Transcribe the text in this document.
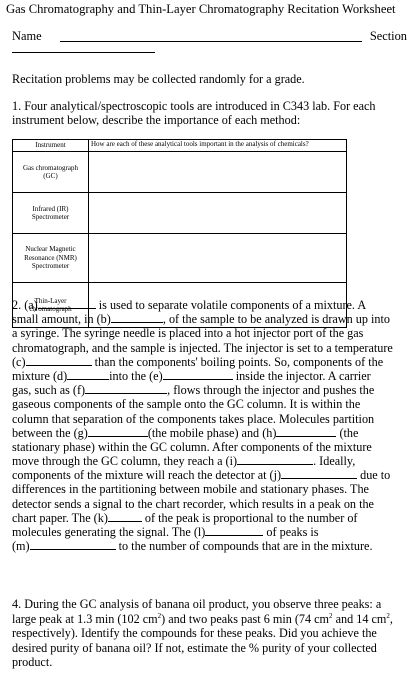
Gas Chromatography and Thin-Layer Chromatography Recitation Worksheet
Name	Section
Recitation problems may be collected randomly for a grade.
1. Four analytical/spectroscopic tools are introduced in C343 lab. For each
instrument below, describe the importance of each method:
Instrument	How are each of these analytical tools important in the analysis of chemicals?
Gas chromatograph
(GC)
Infrared (IR)
Spectrometer
Nuclear Magnetic
Resonance (NMR)
Spectrometer
Thin-Layer
chromatograph
2. (a)	is used to separate volatile components of a mixture. A
small amount, in (b)	, of the sample to be analyzed is drawn up into
a syringe. The syringe needle is placed into a hot injector port of the gas
chromatograph, and the sample is injected. The injector is set to a temperature
(c)	than the components' boiling points. So, components of the
mixture (d)	into the (e)	inside the injector. A carrier
gas, such as (f)	, flows through the injector and pushes the
gaseous components of the sample onto the GC column. It is within the
column that separation of the components takes place. Molecules partition
between the (g)	(the mobile phase) and (h)	(the
stationary phase) within the GC column. After components of the mixture
move through the GC column, they reach a (i)	. Ideally,
components of the mixture will reach the detector at (j)	due to
differences in the partitioning between mobile and stationary phases. The
detector sends a signal to the chart recorder, which results in a peak on the
chart paper. The (k)	of the peak is proportional to the number of
molecules generating the signal. The (l)	of peaks is
(m)	to the number of compounds that are in the mixture.
4. During the GC analysis of banana oil product, you observe three peaks: a
large peak at 1.3 min (102 $cm^2$) and two peaks past 6 min (74 $cm^2$ and 14 $cm^2$,
respectively). Identify the compounds for these peaks. Did you achieve the
desired purity of banana oil? If not, estimate the % purity of your collected
product.
